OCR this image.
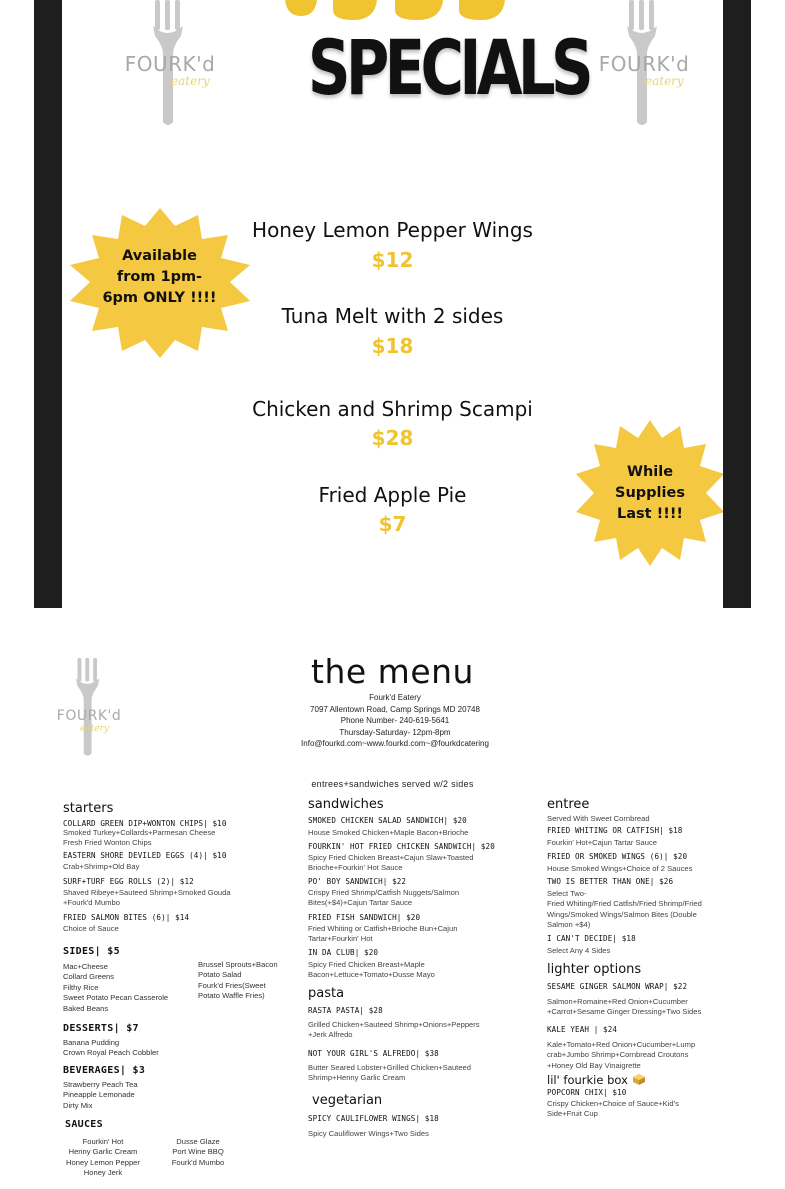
SPECIALS
FOURK'd
eatery
FOURK'd
eatery
Honey Lemon Pepper Wings
$12
Tuna Melt with 2 sides
$18
Chicken and Shrimp Scampi
$28
Fried Apple Pie
$7
Available
from 1pm-
6pm ONLY !!!!
While
Supplies
Last !!!!
FOURK'd
eatery
the menu
Fourk'd Eatery
7097 Allentown Road, Camp Springs MD 20748
Phone Number- 240-619-5641
Thursday-Saturday- 12pm-8pm
Info@fourkd.com~www.fourkd.com~@fourkdcatering
entrees+sandwiches served w/2 sides
starters
COLLARD GREEN DIP+WONTON CHIPS| $10
Smoked Turkey+Collards+Parmesan Cheese
Fresh Fried Wonton Chips
EASTERN SHORE DEVILED EGGS (4)| $10
Crab+Shrimp+Old Bay
SURF+TURF EGG ROLLS (2)| $12
Shaved Ribeye+Sauteed Shrimp+Smoked Gouda
+Fourk'd Mumbo
FRIED SALMON BITES (6)| $14
Choice of Sauce
SIDES| $5
Mac+Cheese
Collard Greens
Filthy Rice
Sweet Potato Pecan Casserole
Baked Beans
Brussel Sprouts+Bacon
Potato Salad
Fourk'd Fries(Sweet
Potato Waffle Fries)
DESSERTS| $7
Banana Pudding
Crown Royal Peach Cobbler
BEVERAGES| $3
Strawberry Peach Tea
Pineapple Lemonade
Dirty Mix
SAUCES
Fourkin' Hot
Henny Garlic Cream
Honey Lemon Pepper
Honey Jerk
Dusse Glaze
Port Wine BBQ
Fourk'd Mumbo
sandwiches
SMOKED CHICKEN SALAD SANDWICH| $20
House Smoked Chicken+Maple Bacon+Brioche
FOURKIN' HOT FRIED CHICKEN SANDWICH| $20
Spicy Fried Chicken Breast+Cajun Slaw+Toasted
Brioche+Fourkin' Hot Sauce
PO' BOY SANDWICH| $22
Crispy Fried Shrimp/Catfish Nuggets/Salmon
Bites(+$4)+Cajun Tartar Sauce
FRIED FISH SANDWICH| $20
Fried Whiting or Catfish+Brioche Bun+Cajun
Tartar+Fourkin' Hot
IN DA CLUB| $20
Spicy Fried Chicken Breast+Maple
Bacon+Lettuce+Tomato+Dusse Mayo
pasta
RASTA PASTA| $28
Grilled Chicken+Sauteed Shrimp+Onions+Peppers
+Jerk Alfredo
NOT YOUR GIRL'S ALFREDO| $38
Butter Seared Lobster+Grilled Chicken+Sauteed
Shrimp+Henny Garlic Cream
vegetarian
SPICY CAULIFLOWER WINGS| $18
Spicy Cauliflower Wings+Two Sides
entree
Served With Sweet Cornbread
FRIED WHITING OR CATFISH| $18
Fourkin' Hot+Cajun Tartar Sauce
FRIED OR SMOKED WINGS (6)| $20
House Smoked Wings+Choice of 2 Sauces
TWO IS BETTER THAN ONE| $26
Select Two-
Fried Whiting/Fried Catfish/Fried Shrimp/Fried
Wings/Smoked Wings/Salmon Bites (Double
Salmon +$4)
I CAN'T DECIDE| $18
Select Any 4 Sides
lighter options
SESAME GINGER SALMON WRAP| $22
Salmon+Romaine+Red Onion+Cucumber
+Carrot+Sesame Ginger Dressing+Two Sides
KALE YEAH | $24
Kale+Tomato+Red Onion+Cucumber+Lump
crab+Jumbo Shrimp+Cornbread Croutons
+Honey Old Bay Vinaigrette
lil' fourkie box
POPCORN CHIX| $10
Crispy Chicken+Choice of Sauce+Kid's
Side+Fruit Cup
